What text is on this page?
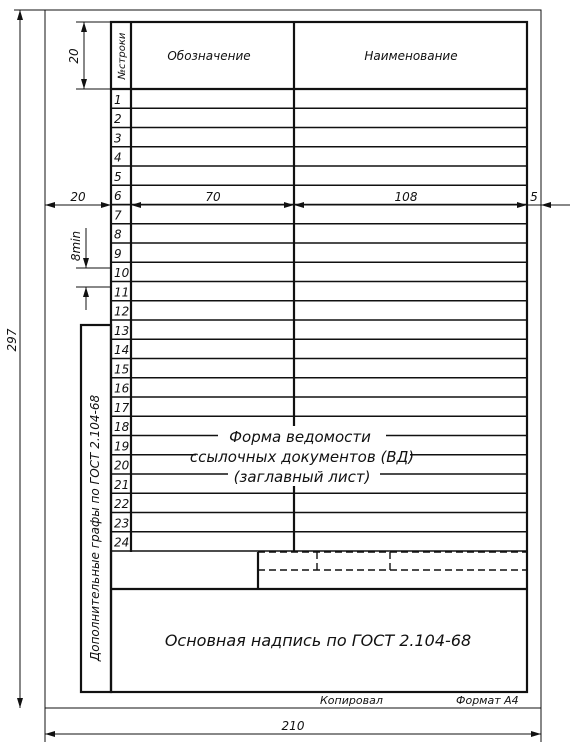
№строки	Обозначение	Наименование
1
2
3
4
5
6
7
8
9
10
11
12
13
14
15
16
17
18
19
20
21
22
23
24
Форма ведомости
ссылочных документов (ВД)
(заглавный лист)
Дополнительные графы по ГОСТ 2.104-68	Основная надпись по ГОСТ 2.104-68
Копировал	Формат А4
20
20	70	108	5
8min
297
210
